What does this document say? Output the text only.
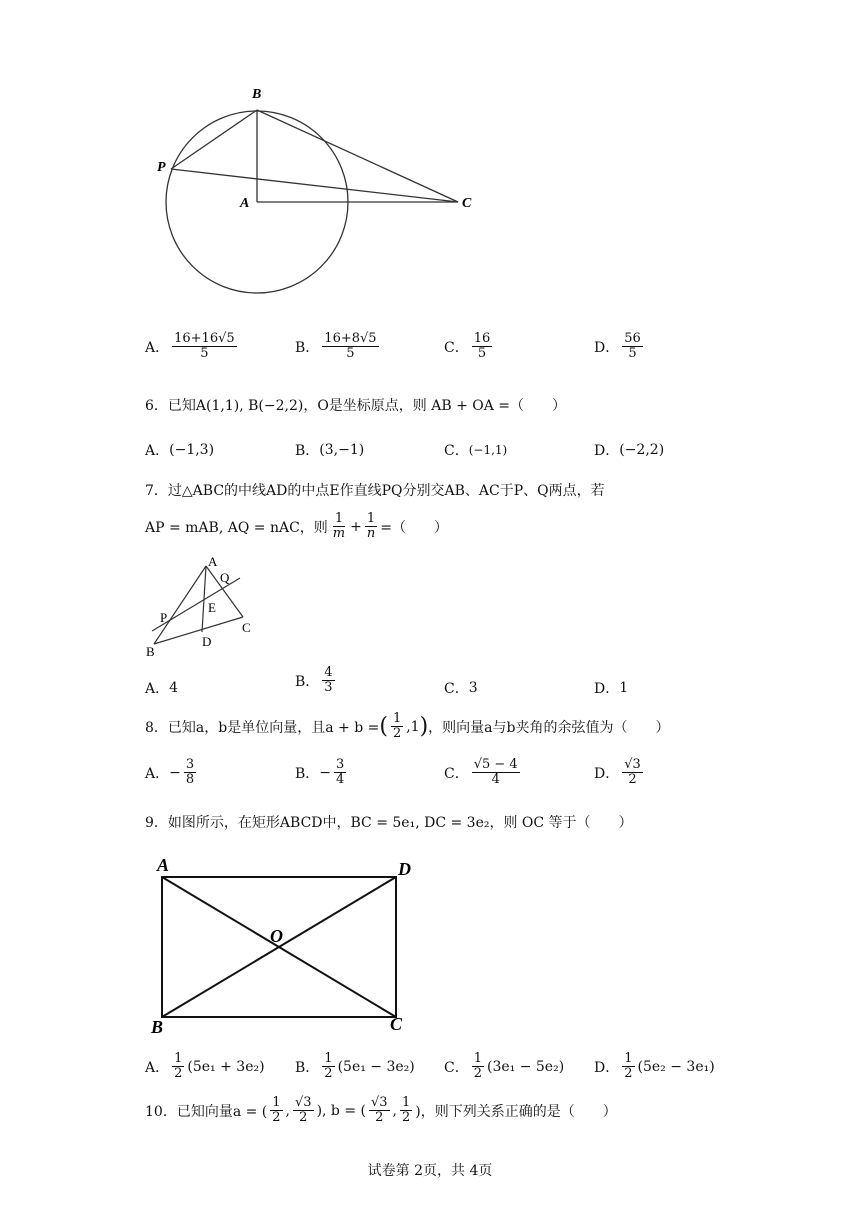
B
P
A	C
A． $\frac{16+16√5}{5}$	B． $\frac{16+8√5}{5}$	C． $\frac{16}{5}$	D． $\frac{56}{5}$
6．已知A(1,1), B(−2,2)，O是坐标原点，则 AB + OA =（　　）
A． (−1,3)	B． (3,−1)	C． (−1,1)	D． (−2,2)
7．过△ABC的中线AD的中点E作直线PQ分别交AB、AC于P、Q两点，若
AP = mAB, AQ = nAC，则 $\frac{1}{m} + \frac{1}{n}$ =（　　）
A
Q
P
E
B
D
C
A． 4	B． $\frac{4}{3}$	C． 3	D． 1
8．已知a，b是单位向量，且a + b = ( $\frac{1}{2} ,1$ ) ，则向量a与b夹角的余弦值为（　　）
A． − $\frac{3}{8}$	B． − $\frac{3}{4}$	C． $\frac{√5 - 4}{4}$	D． $\frac{√3}{2}$
9．如图所示，在矩形ABCD中，BC = 5e₁, DC = 3e₂，则 OC 等于（　　）
A	D
O
B	C
A． $\frac{1}{2} (5e_1 + 3e_2)$ B． $\frac{1}{2} (5e_1 - 3e_2)$ C． $\frac{1}{2} (3e_1 - 5e_2)$ D． $\frac{1}{2} (5e_2 - 3e_1)$
10．已知向量a = ( $\frac{1}{2}$ , $\frac{√3}{2}$ ), b = ( $\frac{√3}{2}$ , $\frac{1}{2}$ )，则下列关系正确的是（　　）
试卷第 2页，共 4页
